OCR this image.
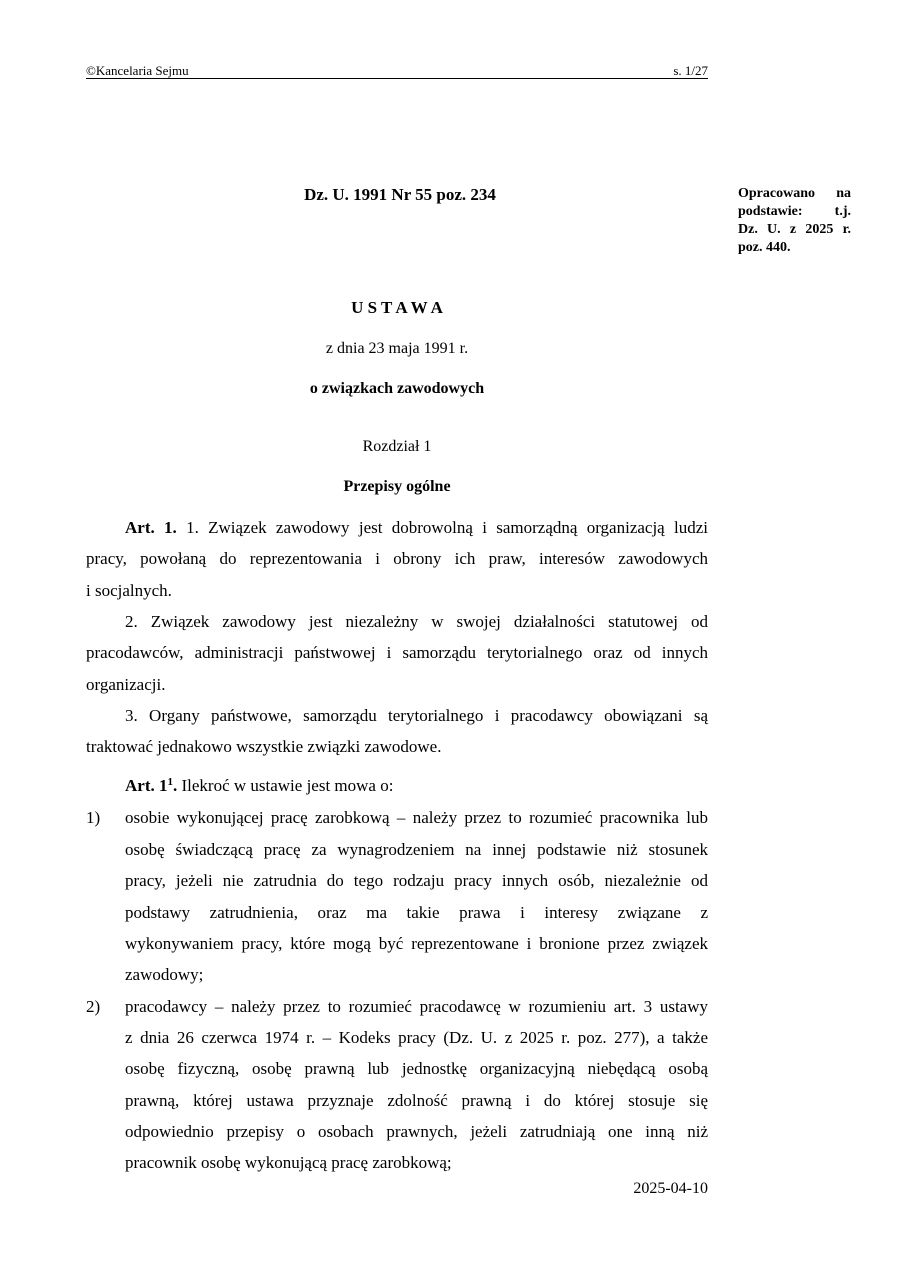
©Kancelaria Sejmu	s. 1/27
Dz. U. 1991 Nr 55 poz. 234	Opracowano na
podstawie: t.j.
Dz. U. z 2025 r.
poz. 440.
U S T A W A
z dnia 23 maja 1991 r.
o związkach zawodowych
Rozdział 1
Przepisy ogólne
Art. 1. 1. Związek zawodowy jest dobrowolną i samorządną organizacją ludzi
pracy, powołaną do reprezentowania i obrony ich praw, interesów zawodowych
i socjalnych.
2. Związek zawodowy jest niezależny w swojej działalności statutowej od
pracodawców, administracji państwowej i samorządu terytorialnego oraz od innych
organizacji.
3. Organy państwowe, samorządu terytorialnego i pracodawcy obowiązani są
traktować jednakowo wszystkie związki zawodowe.
Art. $1^1$. Ilekroć w ustawie jest mowa o:
1) osobie wykonującej pracę zarobkową – należy przez to rozumieć pracownika lub
osobę świadczącą pracę za wynagrodzeniem na innej podstawie niż stosunek
pracy, jeżeli nie zatrudnia do tego rodzaju pracy innych osób, niezależnie od
podstawy zatrudnienia, oraz ma takie prawa i interesy związane z
wykonywaniem pracy, które mogą być reprezentowane i bronione przez związek
zawodowy;
2) pracodawcy – należy przez to rozumieć pracodawcę w rozumieniu art. 3 ustawy
z dnia 26 czerwca 1974 r. – Kodeks pracy (Dz. U. z 2025 r. poz. 277), a także
osobę fizyczną, osobę prawną lub jednostkę organizacyjną niebędącą osobą
prawną, której ustawa przyznaje zdolność prawną i do której stosuje się
odpowiednio przepisy o osobach prawnych, jeżeli zatrudniają one inną niż
pracownik osobę wykonującą pracę zarobkową;
2025-04-10
